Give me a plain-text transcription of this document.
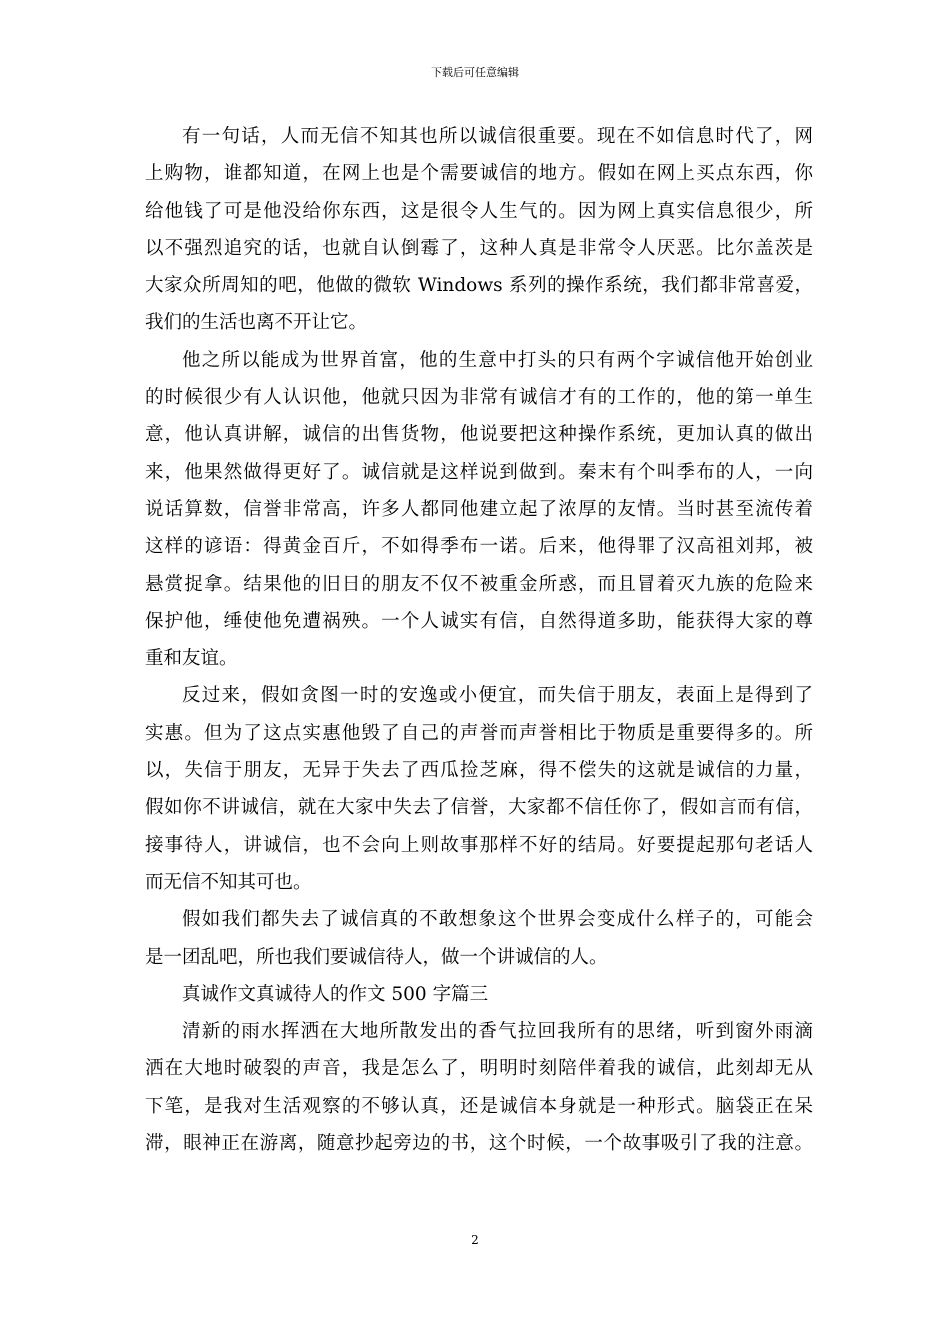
下载后可任意编辑
有一句话，人而无信不知其也所以诚信很重要。现在不如信息时代了，网
上购物，谁都知道，在网上也是个需要诚信的地方。假如在网上买点东西，你
给他钱了可是他没给你东西，这是很令人生气的。因为网上真实信息很少，所
以不强烈追究的话，也就自认倒霉了，这种人真是非常令人厌恶。比尔盖茨是
大家众所周知的吧，他做的微软 Windows 系列的操作系统，我们都非常喜爱，
我们的生活也离不开让它。
他之所以能成为世界首富，他的生意中打头的只有两个字诚信他开始创业
的时候很少有人认识他，他就只因为非常有诚信才有的工作的，他的第一单生
意，他认真讲解，诚信的出售货物，他说要把这种操作系统，更加认真的做出
来，他果然做得更好了。诚信就是这样说到做到。秦末有个叫季布的人，一向
说话算数，信誉非常高，许多人都同他建立起了浓厚的友情。当时甚至流传着
这样的谚语：得黄金百斤，不如得季布一诺。后来，他得罪了汉高祖刘邦，被
悬赏捉拿。结果他的旧日的朋友不仅不被重金所惑，而且冒着灭九族的危险来
保护他，缍使他免遭祸殃。一个人诚实有信，自然得道多助，能获得大家的尊
重和友谊。
反过来，假如贪图一时的安逸或小便宜，而失信于朋友，表面上是得到了
实惠。但为了这点实惠他毁了自己的声誉而声誉相比于物质是重要得多的。所
以，失信于朋友，无异于失去了西瓜捡芝麻，得不偿失的这就是诚信的力量，
假如你不讲诚信，就在大家中失去了信誉，大家都不信任你了，假如言而有信，
接事待人，讲诚信，也不会向上则故事那样不好的结局。好要提起那句老话人
而无信不知其可也。
假如我们都失去了诚信真的不敢想象这个世界会变成什么样子的，可能会
是一团乱吧，所也我们要诚信待人，做一个讲诚信的人。
真诚作文真诚待人的作文 500 字篇三
清新的雨水挥洒在大地所散发出的香气拉回我所有的思绪，听到窗外雨滴
洒在大地时破裂的声音，我是怎么了，明明时刻陪伴着我的诚信，此刻却无从
下笔，是我对生活观察的不够认真，还是诚信本身就是一种形式。脑袋正在呆
滞，眼神正在游离，随意抄起旁边的书，这个时候，一个故事吸引了我的注意。
2
